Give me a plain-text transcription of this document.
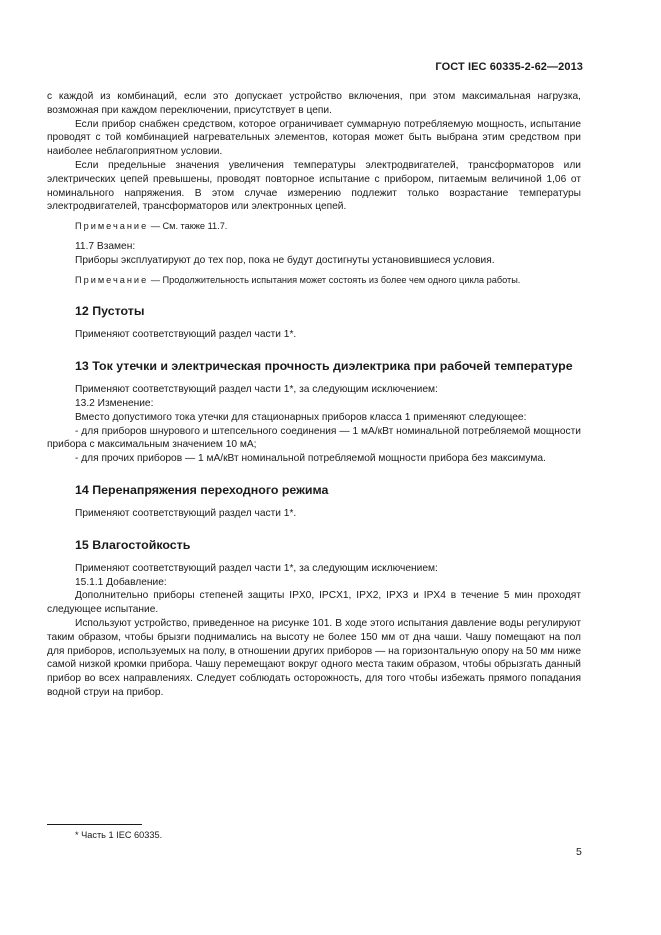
ГОСТ IEC 60335-2-62—2013

с каждой из комбинаций, если это допускает устройство включения, при этом максимальная нагрузка, возможная при каждом переключении, присутствует в цепи.

Если прибор снабжен средством, которое ограничивает суммарную потребляемую мощность, испытание проводят с той комбинацией нагревательных элементов, которая может быть выбрана этим средством при наиболее неблагоприятном условии.

Если предельные значения увеличения температуры электродвигателей, трансформаторов или электрических цепей превышены, проводят повторное испытание с прибором, питаемым величиной 1,06 от номинального напряжения. В этом случае измерению подлежит только возрастание температуры электродвигателей, трансформаторов или электронных цепей.

Примечание — См. также 11.7.

11.7 Взамен:

Приборы эксплуатируют до тех пор, пока не будут достигнуты установившиеся условия.

Примечание — Продолжительность испытания может состоять из более чем одного цикла работы.

12 Пустоты

Применяют соответствующий раздел части 1*.

13 Ток утечки и электрическая прочность диэлектрика при рабочей температуре

Применяют соответствующий раздел части 1*, за следующим исключением:

13.2 Изменение:

Вместо допустимого тока утечки для стационарных приборов класса 1 применяют следующее:

- для приборов шнурового и штепсельного соединения — 1 мА/кВт номинальной потребляемой мощности прибора с максимальным значением 10 мА;

- для прочих приборов — 1 мА/кВт номинальной потребляемой мощности прибора без максимума.

14 Перенапряжения переходного режима

Применяют соответствующий раздел части 1*.

15 Влагостойкость

Применяют соответствующий раздел части 1*, за следующим исключением:

15.1.1 Добавление:

Дополнительно приборы степеней защиты IPX0, IPCX1, IPX2, IPX3 и IPX4 в течение 5 мин проходят следующее испытание.

Используют устройство, приведенное на рисунке 101. В ходе этого испытания давление воды регулируют таким образом, чтобы брызги поднимались на высоту не более 150 мм от дна чаши. Чашу помещают на пол для приборов, используемых на полу, в отношении других приборов — на горизонтальную опору на 50 мм ниже самой низкой кромки прибора. Чашу перемещают вокруг одного места таким образом, чтобы обрызгать данный прибор во всех направлениях. Следует соблюдать осторожность, для того чтобы избежать прямого попадания водной струи на прибор.

* Часть 1 IEC 60335.
5
